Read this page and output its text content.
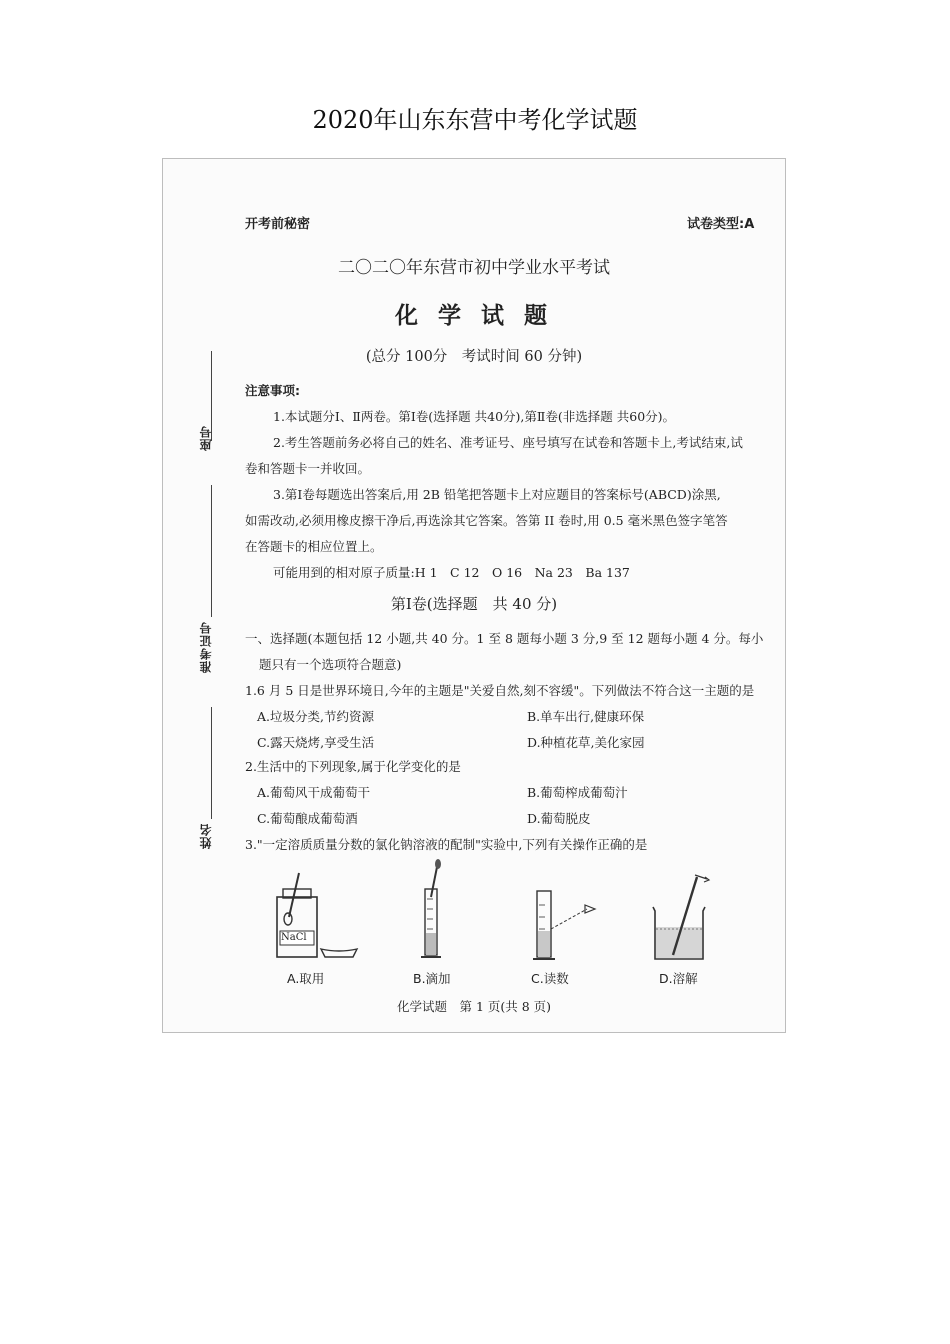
2020年山东东营中考化学试题
开考前秘密	试卷类型:A
二〇二〇年东营市初中学业水平考试
化 学 试 题
(总分 100分　考试时间 60 分钟)
座号
准考证号
姓名
注意事项:
1.本试题分Ⅰ、Ⅱ两卷。第Ⅰ卷(选择题 共40分),第Ⅱ卷(非选择题 共60分)。
2.考生答题前务必将自己的姓名、准考证号、座号填写在试卷和答题卡上,考试结束,试
卷和答题卡一并收回。
3.第Ⅰ卷每题选出答案后,用 2B 铅笔把答题卡上对应题目的答案标号(ABCD)涂黑,
如需改动,必须用橡皮擦干净后,再选涂其它答案。答第 II 卷时,用 0.5 毫米黑色签字笔答
在答题卡的相应位置上。
可能用到的相对原子质量:H 1　C 12　O 16　Na 23　Ba 137
第Ⅰ卷(选择题　共 40 分)
一、选择题(本题包括 12 小题,共 40 分。1 至 8 题每小题 3 分,9 至 12 题每小题 4 分。每小
题只有一个选项符合题意)
1.6 月 5 日是世界环境日,今年的主题是"关爱自然,刻不容缓"。下列做法不符合这一主题的是
A.垃圾分类,节约资源	B.单车出行,健康环保
C.露天烧烤,享受生活	D.种植花草,美化家园
2.生活中的下列现象,属于化学变化的是
A.葡萄风干成葡萄干	B.葡萄榨成葡萄汁
C.葡萄酿成葡萄酒	D.葡萄脱皮
3."一定溶质质量分数的氯化钠溶液的配制"实验中,下列有关操作正确的是
NaCl
A.取用	B.滴加	C.读数	D.溶解
化学试题　第 1 页(共 8 页)
